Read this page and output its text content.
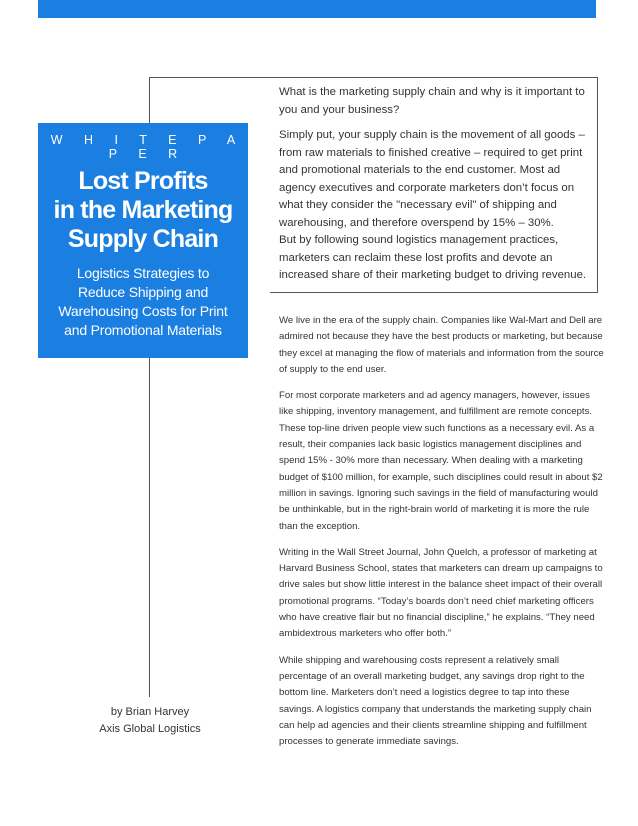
W H I T E P A P E R
Lost Profits
in the Marketing
Supply Chain
Logistics Strategies to
Reduce Shipping and
Warehousing Costs for Print
and Promotional Materials

What is the marketing supply chain and why is it important to you and your business?

Simply put, your supply chain is the movement of all goods – from raw materials to finished creative – required to get print and promotional materials to the end customer. Most ad agency executives and corporate marketers don’t focus on what they consider the "necessary evil" of shipping and warehousing, and therefore overspend by 15% – 30%.

But by following sound logistics management practices, marketers can reclaim these lost profits and devote an increased share of their marketing budget to driving revenue.

We live in the era of the supply chain. Companies like Wal-Mart and Dell are admired not because they have the best products or marketing, but because they excel at managing the flow of materials and information from the source of supply to the end user.

For most corporate marketers and ad agency managers, however, issues like shipping, inventory management, and fulfillment are remote concepts. These top-line driven people view such functions as a necessary evil. As a result, their companies lack basic logistics management disciplines and spend 15% - 30% more than necessary. When dealing with a marketing budget of $100 million, for example, such disciplines could result in about $2 million in savings. Ignoring such savings in the field of manufacturing would be unthinkable, but in the right-brain world of marketing it is more the rule than the exception.

Writing in the Wall Street Journal, John Quelch, a professor of marketing at Harvard Business School, states that marketers can dream up campaigns to drive sales but show little interest in the balance sheet impact of their overall promotional programs. “Today’s boards don’t need chief marketing officers who have creative flair but no financial discipline,” he explains. “They need ambidextrous marketers who offer both.”

While shipping and warehousing costs represent a relatively small percentage of an overall marketing budget, any savings drop right to the bottom line. Marketers don’t need a logistics degree to tap into these savings. A logistics company that understands the marketing supply chain can help ad agencies and their clients streamline shipping and fulfillment processes to generate immediate savings.

by Brian Harvey
Axis Global Logistics
